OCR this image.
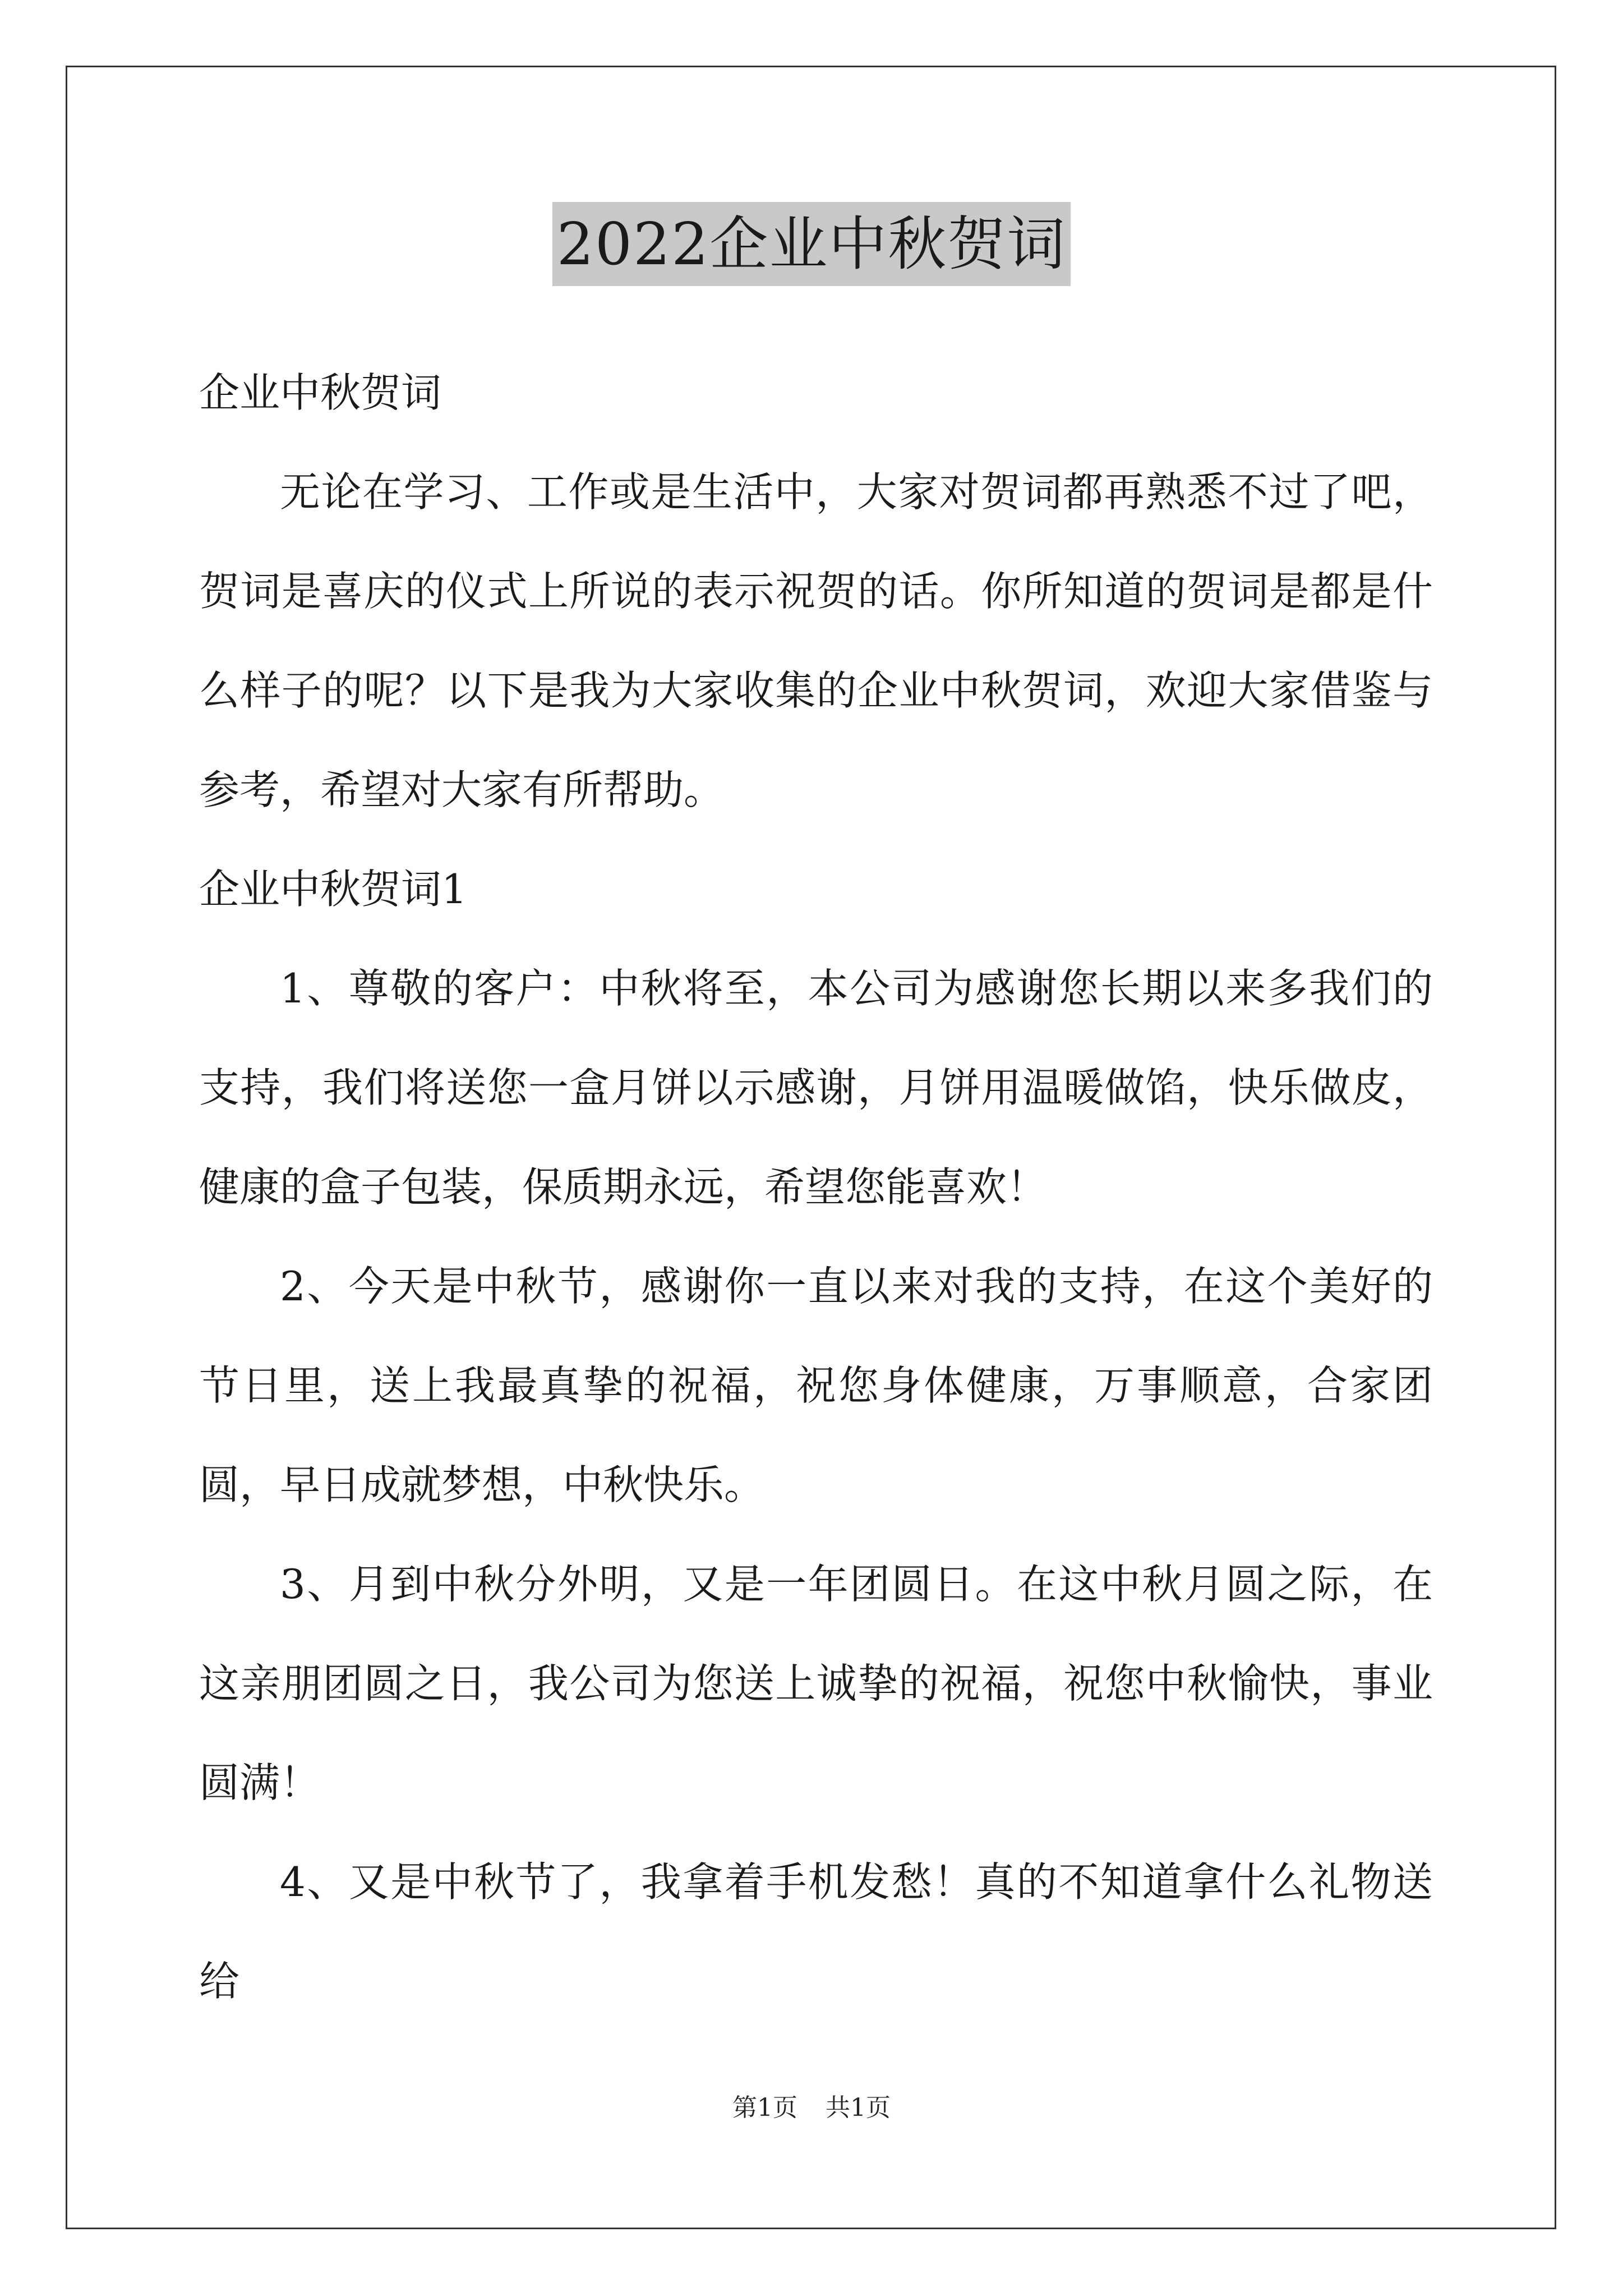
2022企业中秋贺词

企业中秋贺词

无论在学习、工作或是生活中，大家对贺词都再熟悉不过了吧，贺词是喜庆的仪式上所说的表示祝贺的话。你所知道的贺词是都是什么样子的呢？以下是我为大家收集的企业中秋贺词，欢迎大家借鉴与参考，希望对大家有所帮助。

企业中秋贺词1

1、尊敬的客户：中秋将至，本公司为感谢您长期以来多我们的支持，我们将送您一盒月饼以示感谢，月饼用温暖做馅，快乐做皮，健康的盒子包装，保质期永远，希望您能喜欢！

2、今天是中秋节，感谢你一直以来对我的支持，在这个美好的节日里，送上我最真挚的祝福，祝您身体健康，万事顺意，合家团圆，早日成就梦想，中秋快乐。

3、月到中秋分外明，又是一年团圆日。在这中秋月圆之际，在这亲朋团圆之日，我公司为您送上诚挚的祝福，祝您中秋愉快，事业圆满！

4、又是中秋节了，我拿着手机发愁！真的不知道拿什么礼物送给

第1页 共1页
